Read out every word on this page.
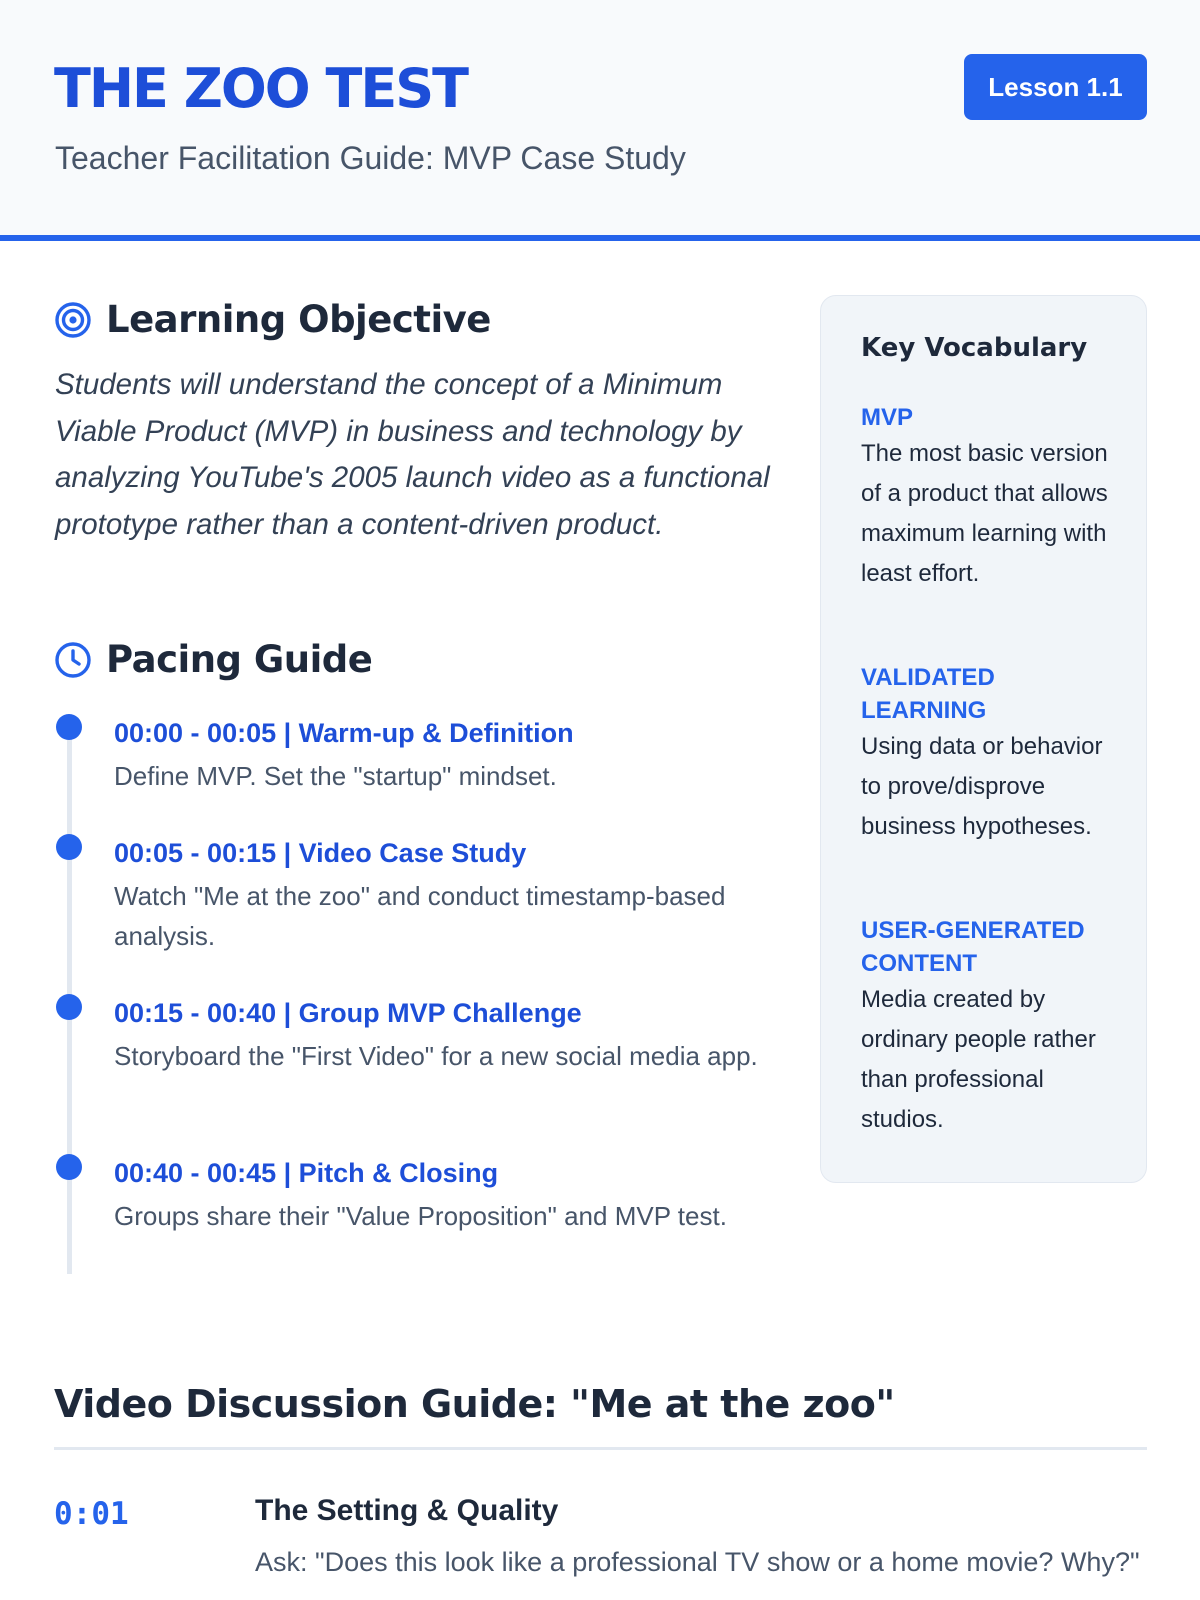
THE ZOO TEST
Teacher Facilitation Guide: MVP Case Study
Lesson 1.1
Learning Objective
Students will understand the concept of a Minimum Viable Product (MVP) in business and technology by analyzing YouTube's 2005 launch video as a functional prototype rather than a content-driven product.
Pacing Guide
00:00 - 00:05 | Warm-up & Definition
Define MVP. Set the "startup" mindset.
00:05 - 00:15 | Video Case Study
Watch "Me at the zoo" and conduct timestamp-based analysis.
00:15 - 00:40 | Group MVP Challenge
Storyboard the "First Video" for a new social media app.
00:40 - 00:45 | Pitch & Closing
Groups share their "Value Proposition" and MVP test.
Key Vocabulary
MVP
The most basic version of a product that allows maximum learning with least effort.
VALIDATED LEARNING
Using data or behavior to prove/disprove business hypotheses.
USER-GENERATED CONTENT
Media created by ordinary people rather than professional studios.
Video Discussion Guide: "Me at the zoo"
0:01	The Setting & Quality
Ask: "Does this look like a professional TV show or a home movie? Why?"
